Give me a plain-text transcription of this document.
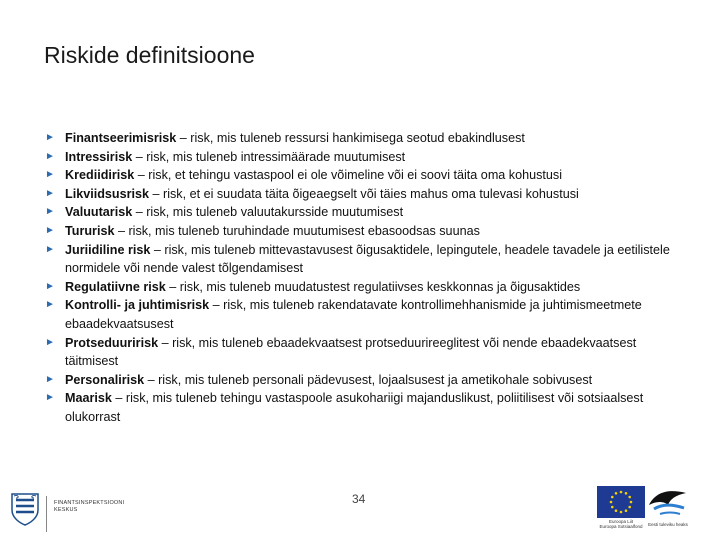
Riskide definitsioone
► Finantseerimisrisk – risk, mis tuleneb ressursi hankimisega seotud ebakindlusest
► Intressirisk – risk, mis tuleneb intressimäärade muutumisest
► Krediidirisk – risk, et tehingu vastaspool ei ole võimeline või ei soovi täita oma kohustusi
► Likviidsusrisk – risk, et ei suudata täita õigeaegselt või täies mahus oma tulevasi kohustusi
► Valuutarisk – risk, mis tuleneb valuutakursside muutumisest
► Tururisk – risk, mis tuleneb turuhindade muutumisest ebasoodsas suunas
► Juriidiline risk – risk, mis tuleneb mittevastavusest õigusaktidele, lepingutele, headele tavadele ja eetilistele normidele või nende valest tõlgendamisest
► Regulatiivne risk – risk, mis tuleneb muudatustest regulatiivses keskkonnas ja õigusaktides
► Kontrolli- ja juhtimisrisk – risk, mis tuleneb rakendatavate kontrollimehhanismide ja juhtimismeetmete ebaadekvaatsusest
► Protseduuririsk – risk, mis tuleneb ebaadekvaatsest protseduurireeglitest või nende ebaadekvaatsest täitmisest
► Personalirisk – risk, mis tuleneb personali pädevusest, lojaalsusest ja ametikohale sobivusest
► Maarisk – risk, mis tuleneb tehingu vastaspoole asukohariigi majanduslikust, poliitilisest või sotsiaalsest olukorrast
34
FINANTSINSPEKTSIOONI
KESKUS
Euroopa Liit
Euroopa Sotsiaalfond	Eesti tuleviku heaks
